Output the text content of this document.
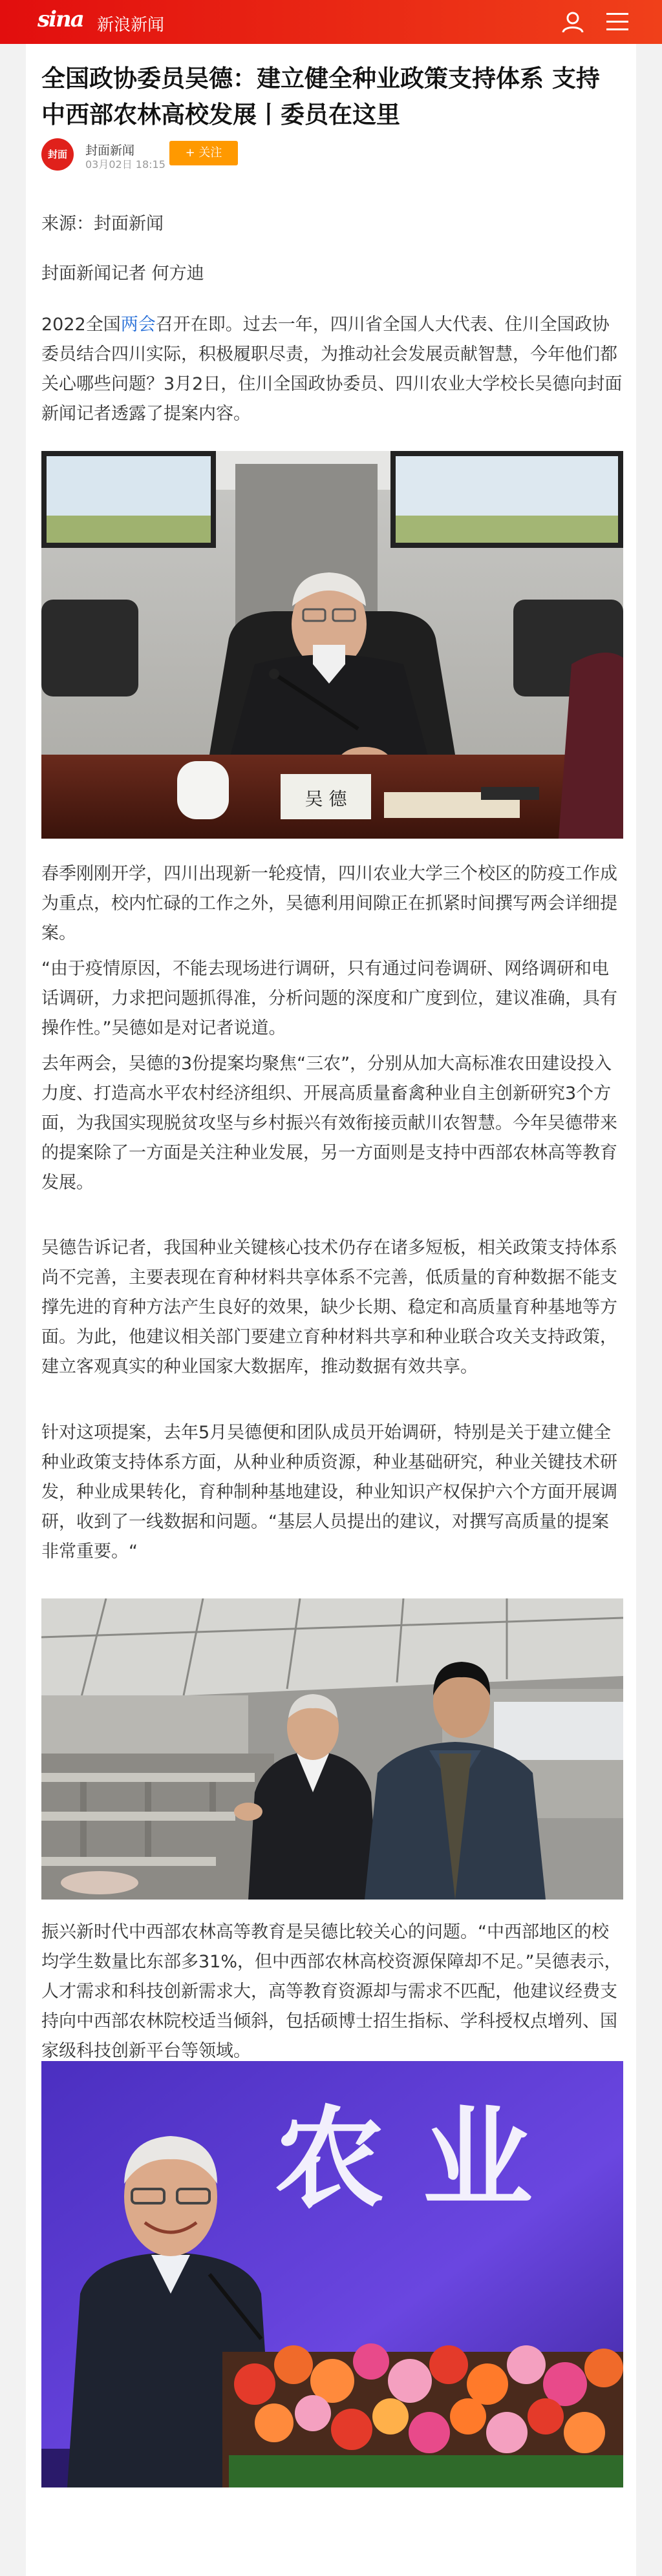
sina 新浪新闻
全国政协委员吴德：建立健全种业政策支持体系 支持中西部农林高校发展丨委员在这里
封面	封面新闻
03月02日 18:15
+ 关注

来源：封面新闻

封面新闻记者 何方迪

2022全国两会召开在即。过去一年，四川省全国人大代表、住川全国政协委员结合四川实际，积极履职尽责，为推动社会发展贡献智慧，今年他们都关心哪些问题？3月2日，住川全国政协委员、四川农业大学校长吴德向封面新闻记者透露了提案内容。

吴 德

春季刚刚开学，四川出现新一轮疫情，四川农业大学三个校区的防疫工作成为重点，校内忙碌的工作之外，吴德利用间隙正在抓紧时间撰写两会详细提案。

“由于疫情原因，不能去现场进行调研，只有通过问卷调研、网络调研和电话调研，力求把问题抓得准，分析问题的深度和广度到位，建议准确，具有操作性。”吴德如是对记者说道。

去年两会，吴德的3份提案均聚焦“三农”，分别从加大高标准农田建设投入力度、打造高水平农村经济组织、开展高质量畜禽种业自主创新研究3个方面，为我国实现脱贫攻坚与乡村振兴有效衔接贡献川农智慧。今年吴德带来的提案除了一方面是关注种业发展，另一方面则是支持中西部农林高等教育发展。

吴德告诉记者，我国种业关键核心技术仍存在诸多短板，相关政策支持体系尚不完善，主要表现在育种材料共享体系不完善，低质量的育种数据不能支撑先进的育种方法产生良好的效果，缺少长期、稳定和高质量育种基地等方面。为此，他建议相关部门要建立育种材料共享和种业联合攻关支持政策，建立客观真实的种业国家大数据库，推动数据有效共享。

针对这项提案，去年5月吴德便和团队成员开始调研，特别是关于建立健全种业政策支持体系方面，从种业种质资源，种业基础研究，种业关键技术研发，种业成果转化，育种制种基地建设，种业知识产权保护六个方面开展调研，收到了一线数据和问题。“基层人员提出的建议，对撰写高质量的提案非常重要。“

振兴新时代中西部农林高等教育是吴德比较关心的问题。“中西部地区的校均学生数量比东部多31%，但中西部农林高校资源保障却不足。”吴德表示，人才需求和科技创新需求大，高等教育资源却与需求不匹配，他建议经费支持向中西部农林院校适当倾斜，包括硕博士招生指标、学科授权点增列、国家级科技创新平台等领域。

农 业
